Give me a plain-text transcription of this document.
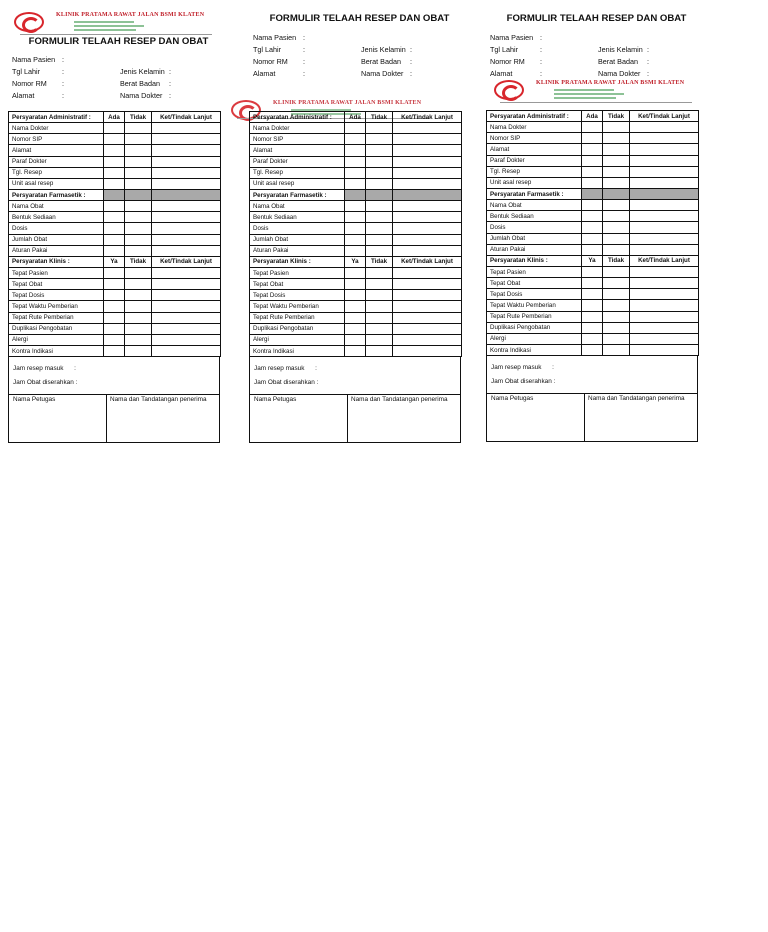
KLINIK PRATAMA RAWAT JALAN BSMI KLATEN
FORMULIR TELAAH RESEP DAN OBAT
Nama Pasien :
Tgl Lahir	:	Jenis Kelamin :
Nomor RM :	Berat Badan :
Alamat	:	Nama Dokter :
Persyaratan Administratif :	Ada	Tidak	Ket/Tindak Lanjut
Nama Dokter			
Nomor SIP			
Alamat			
Paraf Dokter			
Tgl. Resep			
Unit asal resep			
Persyaratan Farmasetik :			
Nama Obat			
Bentuk Sediaan			
Dosis			
Jumlah Obat			
Aturan Pakai			
Persyaratan Klinis :	Ya	Tidak	Ket/Tindak Lanjut
Tepat Pasien			
Tepat Obat			
Tepat Dosis			
Tepat Waktu Pemberian			
Tepat Rute Pemberian			
Duplikasi Pengobatan			
Alergi			
Kontra Indikasi			
Jam resep masuk :
Jam Obat diserahkan :
Nama Petugas	Nama dan Tandatangan penerima
FORMULIR TELAAH RESEP DAN OBAT
Nama Pasien :
Tgl Lahir	:	Jenis Kelamin :
Nomor RM :	Berat Badan :
Alamat	:	Nama Dokter :
KLINIK PRATAMA RAWAT JALAN BSMI KLATEN
Persyaratan Administratif :	Ada	Tidak	Ket/Tindak Lanjut
Nama Dokter			
Nomor SIP			
Alamat			
Paraf Dokter			
Tgl. Resep			
Unit asal resep			
Persyaratan Farmasetik :			
Nama Obat			
Bentuk Sediaan			
Dosis			
Jumlah Obat			
Aturan Pakai			
Persyaratan Klinis :	Ya	Tidak	Ket/Tindak Lanjut
Tepat Pasien			
Tepat Obat			
Tepat Dosis			
Tepat Waktu Pemberian			
Tepat Rute Pemberian			
Duplikasi Pengobatan			
Alergi			
Kontra Indikasi			
Jam resep masuk :
Jam Obat diserahkan :
Nama Petugas	Nama dan Tandatangan penerima
FORMULIR TELAAH RESEP DAN OBAT
Nama Pasien :
Tgl Lahir	:	Jenis Kelamin :
Nomor RM :	Berat Badan :
Alamat	:	Nama Dokter :
KLINIK PRATAMA RAWAT JALAN BSMI KLATEN
Persyaratan Administratif :	Ada	Tidak	Ket/Tindak Lanjut
Nama Dokter			
Nomor SIP			
Alamat			
Paraf Dokter			
Tgl. Resep			
Unit asal resep			
Persyaratan Farmasetik :			
Nama Obat			
Bentuk Sediaan			
Dosis			
Jumlah Obat			
Aturan Pakai			
Persyaratan Klinis :	Ya	Tidak	Ket/Tindak Lanjut
Tepat Pasien			
Tepat Obat			
Tepat Dosis			
Tepat Waktu Pemberian			
Tepat Rute Pemberian			
Duplikasi Pengobatan			
Alergi			
Kontra Indikasi			
Jam resep masuk :
Jam Obat diserahkan :
Nama Petugas	Nama dan Tandatangan penerima
